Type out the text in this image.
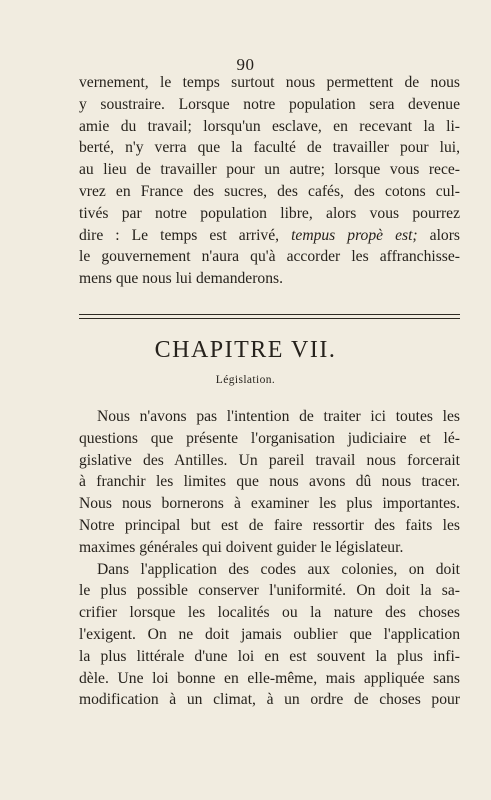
90
vernement, le temps surtout nous permettent de nous
y soustraire. Lorsque notre population sera devenue
amie du travail; lorsqu'un esclave, en recevant la li-
berté, n'y verra que la faculté de travailler pour lui,
au lieu de travailler pour un autre; lorsque vous rece-
vrez en France des sucres, des cafés, des cotons cul-
tivés par notre population libre, alors vous pourrez
dire : Le temps est arrivé, tempus propè est; alors
le gouvernement n'aura qu'à accorder les affranchisse-
mens que nous lui demanderons.
CHAPITRE VII.
Législation.
Nous n'avons pas l'intention de traiter ici toutes les
questions que présente l'organisation judiciaire et lé-
gislative des Antilles. Un pareil travail nous forcerait
à franchir les limites que nous avons dû nous tracer.
Nous nous bornerons à examiner les plus importantes.
Notre principal but est de faire ressortir des faits les
maximes générales qui doivent guider le législateur.
Dans l'application des codes aux colonies, on doit
le plus possible conserver l'uniformité. On doit la sa-
crifier lorsque les localités ou la nature des choses
l'exigent. On ne doit jamais oublier que l'application
la plus littérale d'une loi en est souvent la plus infi-
dèle. Une loi bonne en elle-même, mais appliquée sans
modification à un climat, à un ordre de choses pour
